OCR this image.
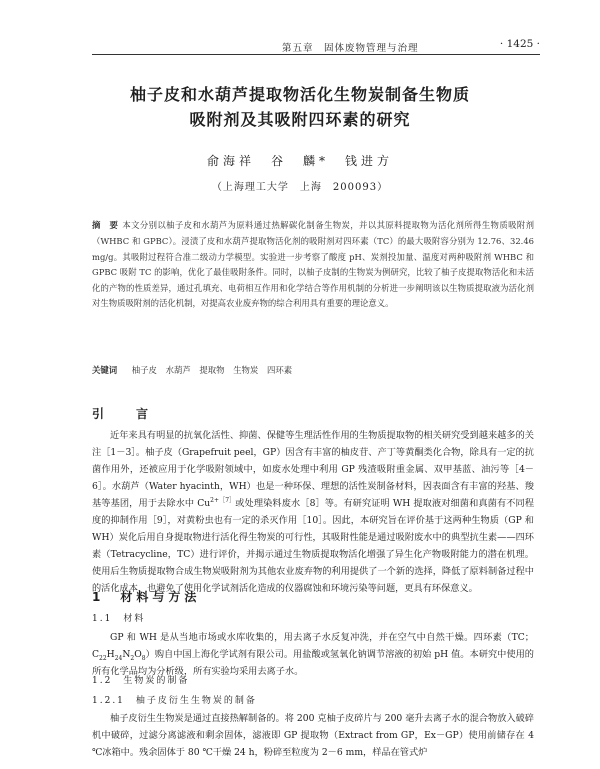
第五章　固体废物管理与治理	· 1425 ·
柚子皮和水葫芦提取物活化生物炭制备生物质
吸附剂及其吸附四环素的研究
俞海祥　谷　麟*　钱进方
（上海理工大学　上海　200093）

摘　要 本文分别以柚子皮和水葫芦为原料通过热解碳化制备生物炭，并以其原料提取物为活化剂所得生物质吸附剂（WHBC 和 GPBC）。浸渍了皮和水葫芦提取物活化剂的吸附剂对四环素（TC）的最大吸附容分别为 12.76、32.46 mg/g。其吸附过程符合准二级动力学模型。实验进一步考察了酸度 pH、炭剂投加量、温度对两种吸附剂 WHBC 和 GPBC 吸附 TC 的影响，优化了最佳吸附条件。同时，以柚子皮制的生物炭为例研究，比较了柚子皮提取物活化和未活化的产物的性质差异，通过孔填充、电荷相互作用和化学结合等作用机制的分析进一步阐明该以生物质提取液为活化剂对生物质吸附剂的活化机制，对提高农业废弃物的综合利用具有重要的理论意义。

关键词 柚子皮 水葫芦 提取物 生物炭 四环素
引　言

近年来具有明显的抗氧化活性、抑菌、保健等生理活性作用的生物质提取物的相关研究受到越来越多的关注［1－3］。柚子皮（Grapefruit peel，GP）因含有丰富的柚皮苷、产丁等黄酮类化合物，除具有一定的抗菌作用外，还被应用于化学吸附领域中，如废水处理中利用 GP 残渣吸附重金属、双甲基蓝、油污等［4－6］。水葫芦（Water hyacinth，WH）也是一种环保、理想的活性炭制备材料，因表面含有丰富的羟基、羧基等基团，用于去除水中 $Cu^{2+[7]}$或处理染料废水［8］等。有研究证明 WH 提取液对细菌和真菌有不同程度的抑制作用［9］，对黄粉虫也有一定的杀灭作用［10］。因此，本研究旨在评价基于这两种生物质（GP 和 WH）炭化后用自身提取物进行活化得生物炭的可行性，其吸附性能是通过吸附废水中的典型抗生素——四环素（Tetracycline，TC）进行评价，并揭示通过生物质提取物活化增强了异生化产物吸附能力的潜在机理。使用后生物质提取物合成生物炭吸附剂为其他农业废弃物的利用提供了一个新的选择，降低了原料制备过程中的活化成本，也避免了使用化学试剂活化造成的仪器腐蚀和环境污染等问题，更具有环保意义。

1　材料与方法
1.1　材料

GP 和 WH 是从当地市场或水库收集的，用去离子水反复冲洗，并在空气中自然干燥。四环素（TC；$C_{22}H_{24}N_2O_8$）购自中国上海化学试剂有限公司。用盐酸或氢氧化钠调节溶液的初始 pH 值。本研究中使用的所有化学品均为分析级，所有实验均采用去离子水。

1.2　生物炭的制备
1.2.1　柚子皮衍生生物炭的制备

柚子皮衍生生物炭是通过直接热解制备的。将 200 克柚子皮碎片与 200 毫升去离子水的混合物放入破碎机中破碎，过滤分离滤液和剩余固体，滤液即 GP 提取物（Extract from GP，Ex－GP）使用前储存在 4 ℃冰箱中。残余固体于 80 ℃干燥 24 h，粉碎至粒度为 2－6 mm，样品在管式炉
